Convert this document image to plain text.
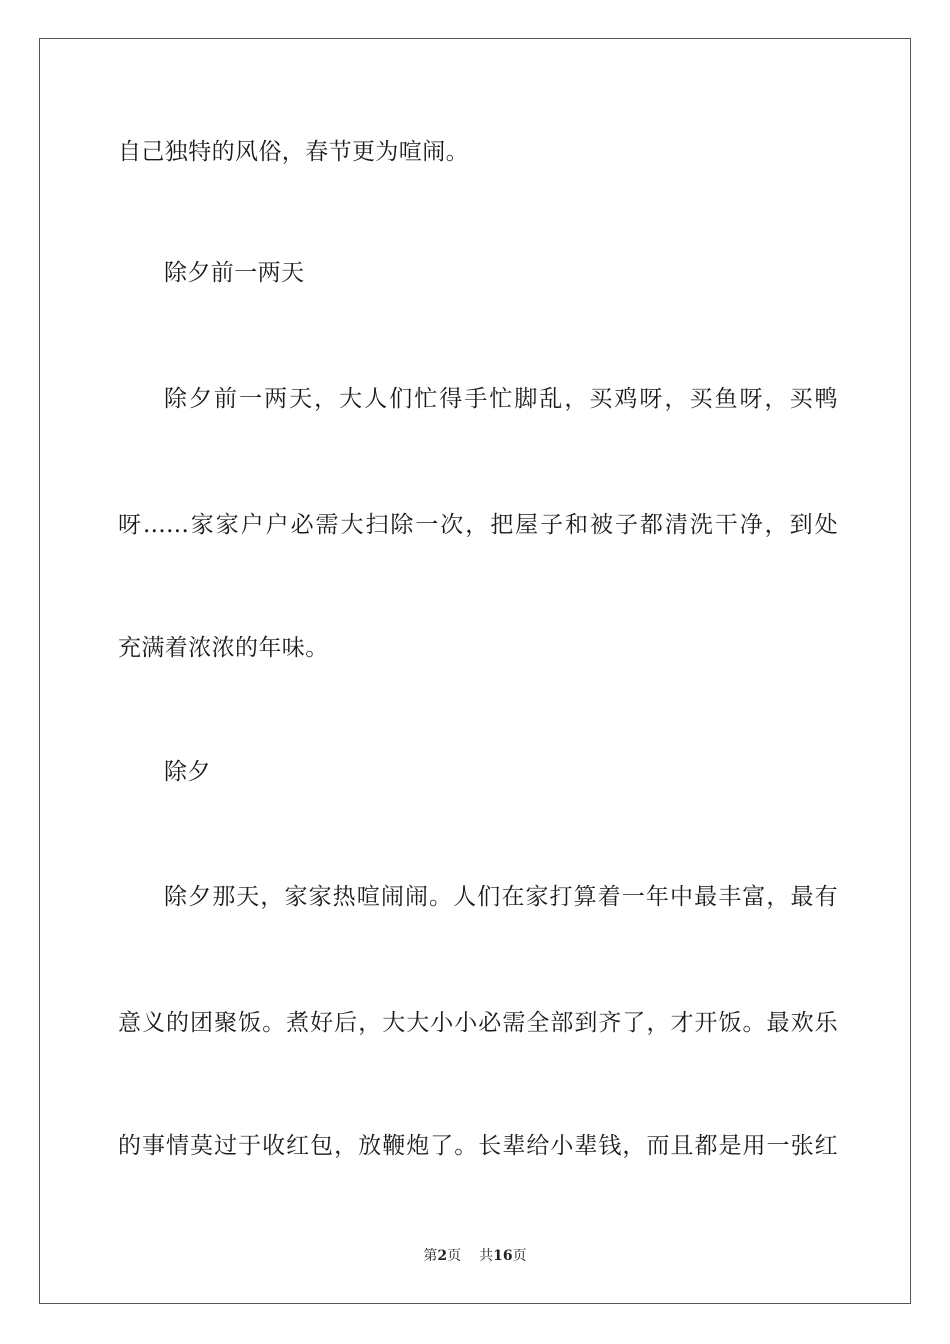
自己独特的风俗，春节更为喧闹。
除夕前一两天
除夕前一两天，大人们忙得手忙脚乱，买鸡呀，买鱼呀，买鸭
呀......家家户户必需大扫除一次，把屋子和被子都清洗干净，到处
充满着浓浓的年味。
除夕
除夕那天，家家热喧闹闹。人们在家打算着一年中最丰富，最有
意义的团聚饭。煮好后，大大小小必需全部到齐了，才开饭。最欢乐
的事情莫过于收红包，放鞭炮了。长辈给小辈钱，而且都是用一张红
第2页 共16页
